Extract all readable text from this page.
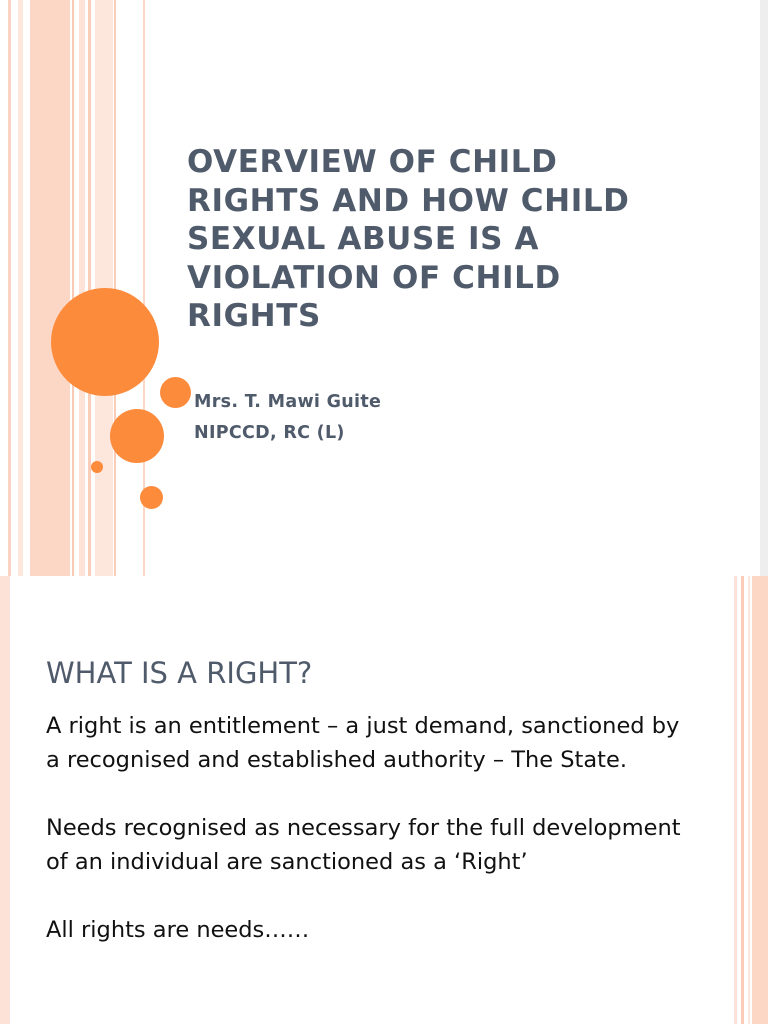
OVERVIEW OF CHILD RIGHTS AND HOW CHILD SEXUAL ABUSE IS A VIOLATION OF CHILD RIGHTS
Mrs. T. Mawi Guite
NIPCCD, RC (L)
WHAT IS A RIGHT?

A right is an entitlement – a just demand, sanctioned by a recognised and established authority – The State.

Needs recognised as necessary for the full development of an individual are sanctioned as a ‘Right’

All rights are needs……
